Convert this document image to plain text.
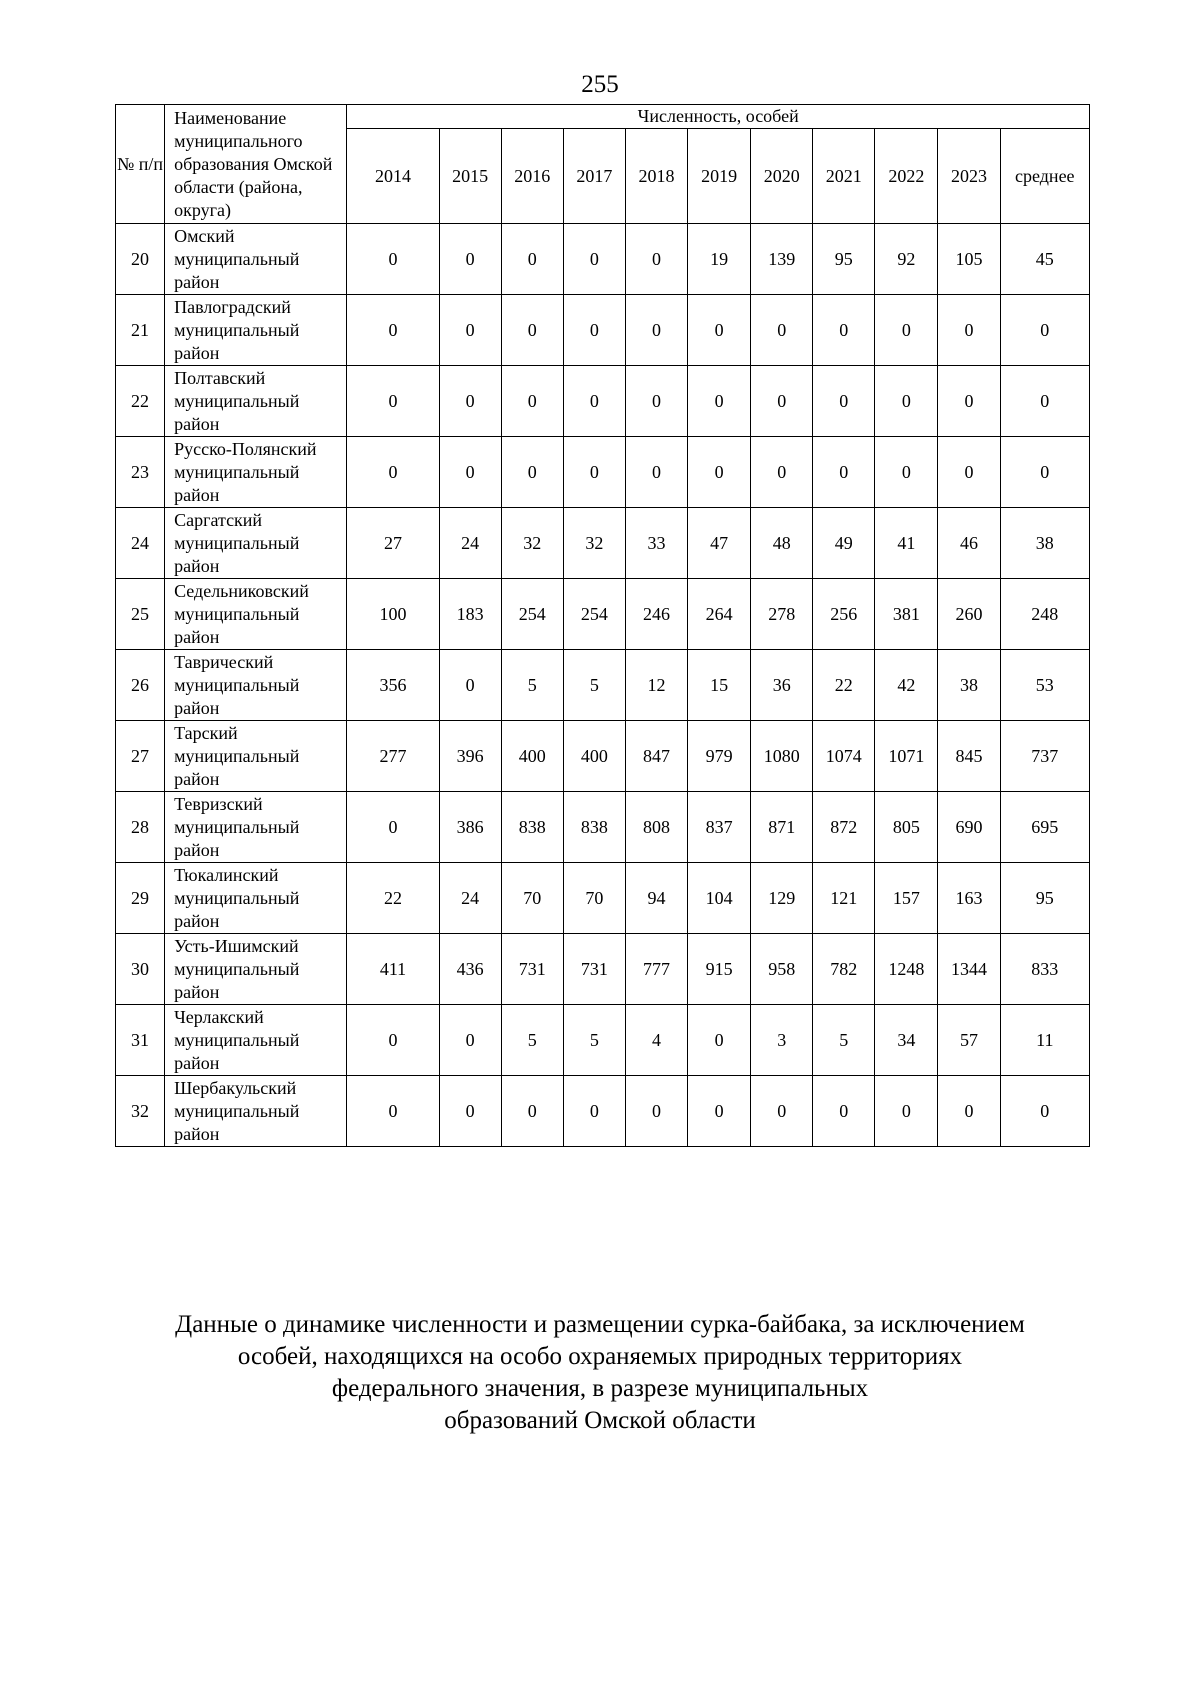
255
№ п/п	Наименование муниципального образования Омской области (района, округа)	Численность, особей										
		2014	2015	2016	2017	2018	2019	2020	2021	2022	2023	среднее
20	Омский муниципальный район	0	0	0	0	0	19	139	95	92	105	45
21	Павлоградский муниципальный район	0	0	0	0	0	0	0	0	0	0	0
22	Полтавский муниципальный район	0	0	0	0	0	0	0	0	0	0	0
23	Русско-Полянский муниципальный район	0	0	0	0	0	0	0	0	0	0	0
24	Саргатский муниципальный район	27	24	32	32	33	47	48	49	41	46	38
25	Седельниковский муниципальный район	100	183	254	254	246	264	278	256	381	260	248
26	Таврический муниципальный район	356	0	5	5	12	15	36	22	42	38	53
27	Тарский муниципальный район	277	396	400	400	847	979	1080	1074	1071	845	737
28	Тевризский муниципальный район	0	386	838	838	808	837	871	872	805	690	695
29	Тюкалинский муниципальный район	22	24	70	70	94	104	129	121	157	163	95
30	Усть-Ишимский муниципальный район	411	436	731	731	777	915	958	782	1248	1344	833
31	Черлакский муниципальный район	0	0	5	5	4	0	3	5	34	57	11
32	Шербакульский муниципальный район	0	0	0	0	0	0	0	0	0	0	0
Данные о динамике численности и размещении сурка-байбака, за исключением
особей, находящихся на особо охраняемых природных территориях
федерального значения, в разрезе муниципальных
образований Омской области
